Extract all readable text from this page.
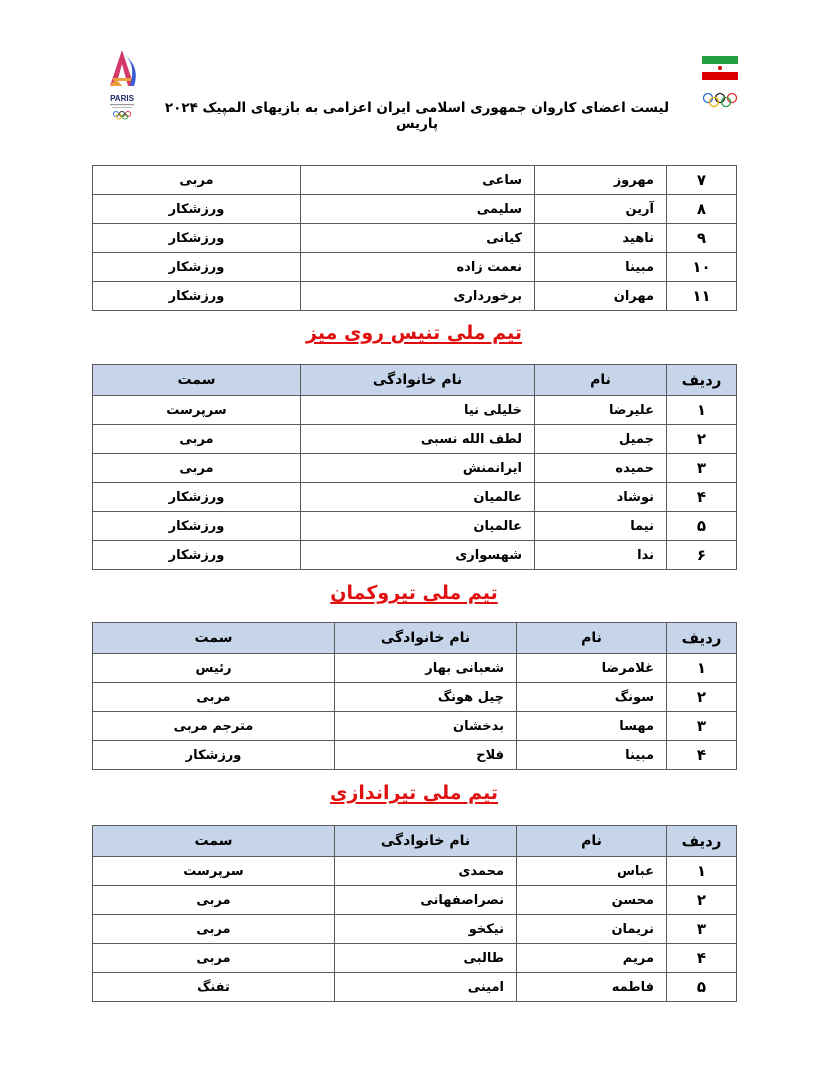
PARIS
لیست اعضای کاروان جمهوری اسلامی ایران اعزامی به بازیهای المپیک ۲۰۲۴ پاریس
۷	مهروز	ساعی	مربی
۸	آرین	سلیمی	ورزشکار
۹	ناهید	کیانی	ورزشکار
۱۰	مبینا	نعمت زاده	ورزشکار
۱۱	مهران	برخورداری	ورزشکار
تیم ملی تنیس روی میز
ردیف	نام	نام خانوادگی	سمت
۱	علیرضا	خلیلی نیا	سرپرست
۲	جمیل	لطف الله نسبی	مربی
۳	حمیده	ایرانمنش	مربی
۴	نوشاد	عالمیان	ورزشکار
۵	نیما	عالمیان	ورزشکار
۶	ندا	شهسواری	ورزشکار
تیم ملی تیروکمان
ردیف	نام	نام خانوادگی	سمت
۱	غلامرضا	شعبانی بهار	رئیس
۲	سونگ	چیل هونگ	مربی
۳	مهسا	بدخشان	مترجم مربی
۴	مبینا	فلاح	ورزشکار
تیم ملی تیراندازی
ردیف	نام	نام خانوادگی	سمت
۱	عباس	محمدی	سرپرست
۲	محسن	نصراصفهانی	مربی
۳	نریمان	نیکخو	مربی
۴	مریم	طالبی	مربی
۵	فاطمه	امینی	تفنگ
